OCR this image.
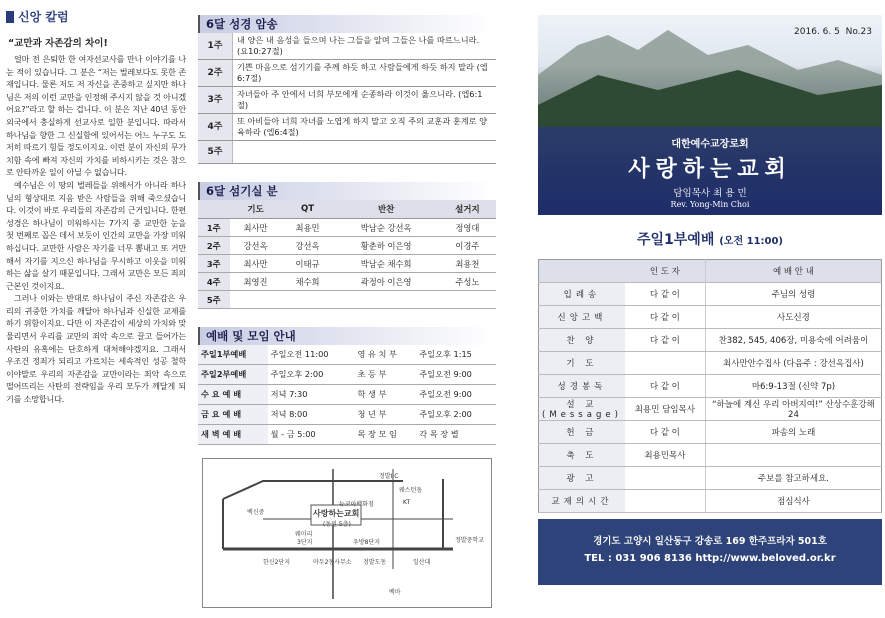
신앙 칼럼
“교만과 자존감의 차이!

얼마 전 은퇴한 한 여자선교사를 만나 이야기를 나눈 적이 있습니다. 그 분은 “저는 벌레보다도 못한 존재입니다. 물론 저도 저 자신을 존중하고 싶지만 하나님은 저의 이런 교만을 인정해 주시지 않을 것 아니겠어요?”라고 할 하는 겁니다. 이 분은 지난 40년 동안 외국에서 충실하게 선교사로 일한 분입니다. 따라서 하나님을 향한 그 신실함에 있어서는 어느 누구도 도저히 따르기 힘들 정도이지요. 이런 분이 자신의 무가치함 속에 빠져 자신의 가치를 비하시키는 것은 참으로 안타까운 일이 아닐 수 없습니다.

예수님은 이 땅의 벌레들을 위해서가 아니라 하나님의 형상대로 지음 받은 사람들을 위해 죽으셨습니다. 이것이 바로 우리들의 자존감의 근거입니다. 한편 성경은 하나님이 미워하시는 7가지 중 교만한 눈을 첫 번째로 꼽은 데서 보듯이 인간의 교만을 가장 미워하십니다. 교만한 사람은 자기를 너무 뽐내고 또 거만해서 자기를 지으신 하나님을 무시하고 이웃을 미워하는 삶을 살기 때문입니다. 그래서 교만은 모든 죄의 근본인 것이지요.

그러나 이와는 반대로 하나님이 주신 자존감은 우리의 귀중한 가치를 깨달아 하나님과 신실한 교제를 하기 위함이지요. 다만 이 자존감이 세상의 가치와 맞물리면서 우리를 교만의 죄악 속으로 끌고 들어가는 사탄의 유혹에는 단호하게 대처해야겠지요. 그래서 우조건 정죄가 되리고 가르치는 세속적인 성공 철학이야말로 우리의 자존감을 교만이라는 죄악 속으로 떨어뜨리는 사탄의 전략임을 우리 모두가 깨달게 되기를 소망합니다.

6달 성경 암송
1주	내 양은 내 음성을 들으며 나는 그들을 알며 그들은 나를 따르느니라. (요10:27절)
2주	기쁜 마음으로 섬기기를 주께 하듯 하고 사람들에게 하듯 하지 말라 (엡6:7절)
3주	자녀들아 주 안에서 너희 부모에게 순종하라 이것이 옳으니라. (엡6:1절)
4주	또 아비들아 너희 자녀를 노엽게 하지 말고 오직 주의 교훈과 훈계로 양육하라 (엡6:4절)
5주	
6달 섬기실 분
	기도	QT	반찬	설거지
1주	최사만	최용민	박남순 강선옥	정영대
2주	강선옥	강선옥	황춘하 이은영	이경주
3주	최사만	이태규	박남순 채수희	최용천
4주	최영진	채수희	곽정아 이은영	주성노
5주				
예배 및 모임 안내
주일1부예배	주일오전 11:00	영 유 치 부	주일오후 1:15
주일2부예배	주일오후 2:00	초 등 부	주일오전 9:00
수 요 예 배	저녁 7:30	학 생 부	주일오전 9:00
금 요 예 배	저녁 8:00	청 년 부	주일오후 2:00
새 벽 예 배	월 - 금 5:00	목 장 모 임	각 목 장 별
정발I.C
웨스턴돔
뉴코아백화점	KT
백신중	사랑하는교회
(동원 5층)
웨미리
3단지	우방8단지
한신2단지	마두2동사무소 정발도동
정발중학교
일산대
백마
2016. 6. 5 No.23
대한예수교장로회
사랑하는교회
담임목사 최 용 민
Rev. Yong-Min Choi
주일1부예배 (오전 11:00)
	인 도 자	예 배 안 내
입례송	다 같 이	주님의 성령
신앙고백	다 같 이	사도신경
찬 양	다 같 이	찬382, 545, 406장, 미용숙에 어려움이
기 도		최사만안수집사 (다음주 : 강선옥집사)
성경봉독	다 같 이	마6:9-13절 (신약 7p)
설 교 (Message)	최용민 담임목사	“하늘에 계신 우리 아버지여!” 산상수훈강해24
헌 금	다 같 이	파송의 노래
축 도	최용민목사	
광 고		주보를 참고하세요.
교제의시간		점심식사
경기도 고양시 일산동구 강송로 169 한주프라자 501호
TEL : 031 906 8136 http://www.beloved.or.kr
